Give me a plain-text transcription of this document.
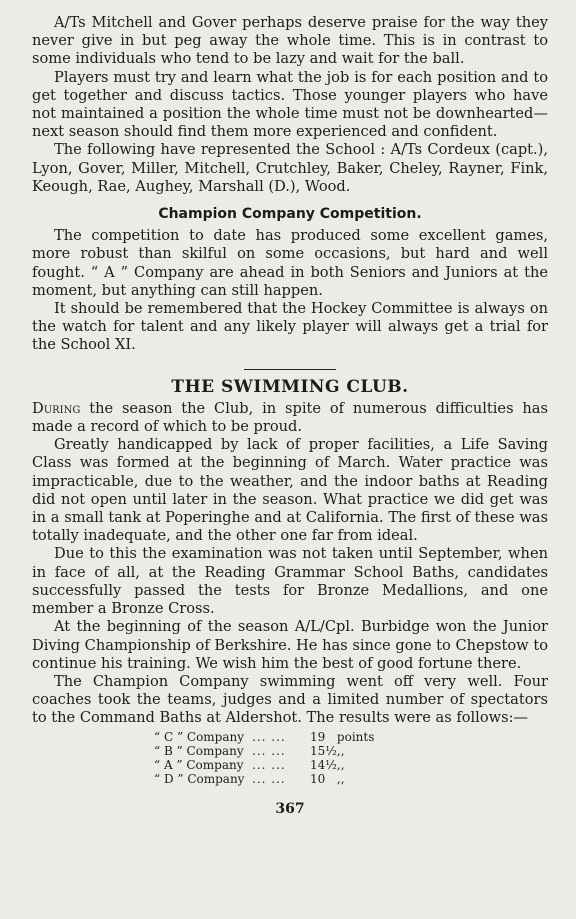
A/Ts Mitchell and Gover perhaps deserve praise for the way they never give in but peg away the whole time. This is in contrast to some individuals who tend to be lazy and wait for the ball.

Players must try and learn what the job is for each position and to get together and discuss tactics. Those younger players who have not maintained a position the whole time must not be downhearted—next season should find them more experienced and confident.

The following have represented the School : A/Ts Cordeux (capt.), Lyon, Gover, Miller, Mitchell, Crutchley, Baker, Cheley, Rayner, Fink, Keough, Rae, Aughey, Marshall (D.), Wood.

Champion Company Competition.

The competition to date has produced some excellent games, more robust than skilful on some occasions, but hard and well fought. “ A ” Company are ahead in both Seniors and Juniors at the moment, but anything can still happen.

It should be remembered that the Hockey Committee is always on the watch for talent and any likely player will always get a trial for the School XI.

THE SWIMMING CLUB.

During the season the Club, in spite of numerous difficulties has made a record of which to be proud.

Greatly handicapped by lack of proper facilities, a Life Saving Class was formed at the beginning of March. Water practice was impracticable, due to the weather, and the indoor baths at Reading did not open until later in the season. What practice we did get was in a small tank at Poperinghe and at California. The first of these was totally inadequate, and the other one far from ideal.

Due to this the examination was not taken until September, when in face of all, at the Reading Grammar School Baths, candidates successfully passed the tests for Bronze Medallions, and one member a Bronze Cross.

At the beginning of the season A/L/Cpl. Burbidge won the Junior Diving Championship of Berkshire. He has since gone to Chepstow to continue his training. We wish him the best of good fortune there.

The Champion Company swimming went off very well. Four coaches took the teams, judges and a limited number of spectators to the Command Baths at Aldershot. The results were as follows:—

“ C ” Company	... ...	19	points
“ B ” Company	... ...	15½	,,
“ A ” Company	... ...	14½	,,
“ D ” Company	... ...	10	,,
367
